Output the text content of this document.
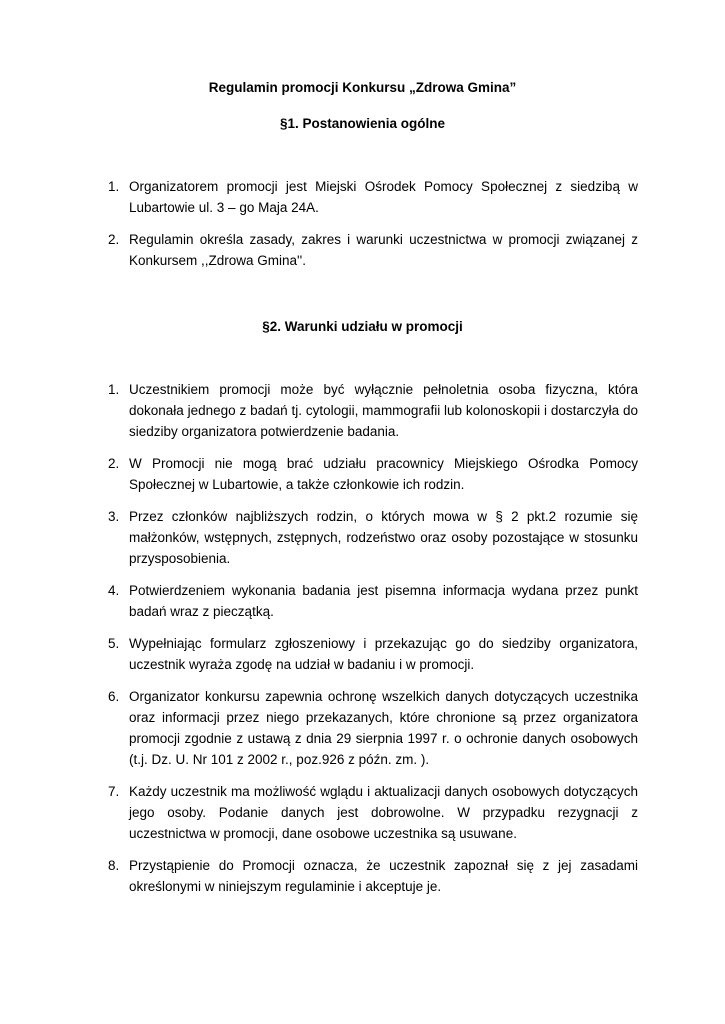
Regulamin promocji Konkursu „Zdrowa Gmina”
§1. Postanowienia ogólne
1. Organizatorem promocji jest Miejski Ośrodek Pomocy Społecznej z siedzibą w Lubartowie ul. 3 – go Maja 24A.
2. Regulamin określa zasady, zakres i warunki uczestnictwa w promocji związanej z Konkursem ,,Zdrowa Gmina''.
§2. Warunki udziału w promocji
1. Uczestnikiem promocji może być wyłącznie pełnoletnia osoba fizyczna, która dokonała jednego z badań tj. cytologii, mammografii lub kolonoskopii i dostarczyła do siedziby organizatora potwierdzenie badania.
2. W Promocji nie mogą brać udziału pracownicy Miejskiego Ośrodka Pomocy Społecznej w Lubartowie, a także członkowie ich rodzin.
3. Przez członków najbliższych rodzin, o których mowa w § 2 pkt.2 rozumie się małżonków, wstępnych, zstępnych, rodzeństwo oraz osoby pozostające w stosunku przysposobienia.
4. Potwierdzeniem wykonania badania jest pisemna informacja wydana przez punkt badań wraz z pieczątką.
5. Wypełniając formularz zgłoszeniowy i przekazując go do siedziby organizatora, uczestnik wyraża zgodę na udział w badaniu i w promocji.
6. Organizator konkursu zapewnia ochronę wszelkich danych dotyczących uczestnika oraz informacji przez niego przekazanych, które chronione są przez organizatora promocji zgodnie z ustawą z dnia 29 sierpnia 1997 r. o ochronie danych osobowych (t.j. Dz. U. Nr 101 z 2002 r., poz.926 z późn. zm. ).
7. Każdy uczestnik ma możliwość wglądu i aktualizacji danych osobowych dotyczących jego osoby. Podanie danych jest dobrowolne. W przypadku rezygnacji z uczestnictwa w promocji, dane osobowe uczestnika są usuwane.
8. Przystąpienie do Promocji oznacza, że uczestnik zapoznał się z jej zasadami określonymi w niniejszym regulaminie i akceptuje je.
